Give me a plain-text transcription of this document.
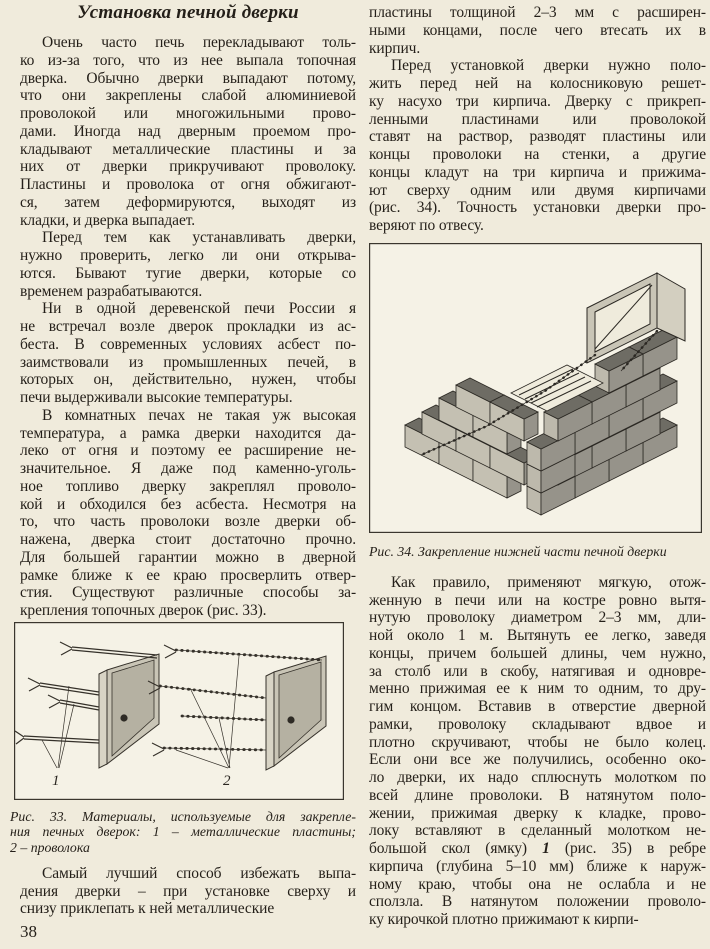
Установка печной дверки
Очень часто печь перекладывают толь-
ко из-за того, что из нее выпала топочная
дверка. Обычно дверки выпадают потому,
что они закреплены слабой алюминиевой
проволокой или многожильными прово-
дами. Иногда над дверным проемом про-
кладывают металлические пластины и за
них от дверки прикручивают проволоку.
Пластины и проволока от огня обжигают-
ся, затем деформируются, выходят из
кладки, и дверка выпадает.
Перед тем как устанавливать дверки,
нужно проверить, легко ли они открыва-
ются. Бывают тугие дверки, которые со
временем разрабатываются.
Ни в одной деревенской печи России я
не встречал возле дверок прокладки из ас-
беста. В современных условиях асбест по-
заимствовали из промышленных печей, в
которых он, действительно, нужен, чтобы
печи выдерживали высокие температуры.
В комнатных печах не такая уж высокая
температура, а рамка дверки находится да-
леко от огня и поэтому ее расширение не-
значительное. Я даже под каменно-уголь-
ное топливо дверку закреплял проволо-
кой и обходился без асбеста. Несмотря на
то, что часть проволоки возле дверки об-
нажена, дверка стоит достаточно прочно.
Для большей гарантии можно в дверной
рамке ближе к ее краю просверлить отвер-
стия. Существуют различные способы за-
крепления топочных дверок (рис. 33).
1	2
Рис. 33. Материалы, используемые для закрепле-
ния печных дверок: 1 – металлические пластины;
2 – проволока
Самый лучший способ избежать выпа-
дения дверки – при установке сверху и
снизу приклепать к ней металлические
38
пластины толщиной 2–3 мм с расширен-
ными концами, после чего втесать их в
кирпич.
Перед установкой дверки нужно поло-
жить перед ней на колосниковую решет-
ку насухо три кирпича. Дверку с прикреп-
ленными пластинами или проволокой
ставят на раствор, разводят пластины или
концы проволоки на стенки, а другие
концы кладут на три кирпича и прижима-
ют сверху одним или двумя кирпичами
(рис. 34). Точность установки дверки про-
веряют по отвесу.
Рис. 34. Закрепление нижней части печной дверки
Как правило, применяют мягкую, отож-
женную в печи или на костре ровно вытя-
нутую проволоку диаметром 2–3 мм, дли-
ной около 1 м. Вытянуть ее легко, заведя
концы, причем большей длины, чем нужно,
за столб или в скобу, натягивая и одновре-
менно прижимая ее к ним то одним, то дру-
гим концом. Вставив в отверстие дверной
рамки, проволоку складывают вдвое и
плотно скручивают, чтобы не было колец.
Если они все же получились, особенно око-
ло дверки, их надо сплюснуть молотком по
всей длине проволоки. В натянутом поло-
жении, прижимая дверку к кладке, прово-
локу вставляют в сделанный молотком не-
большой скол (ямку) 1 (рис. 35) в ребре
кирпича (глубина 5–10 мм) ближе к наруж-
ному краю, чтобы она не ослабла и не
сползла. В натянутом положении проволо-
ку кирочкой плотно прижимают к кирпи-
